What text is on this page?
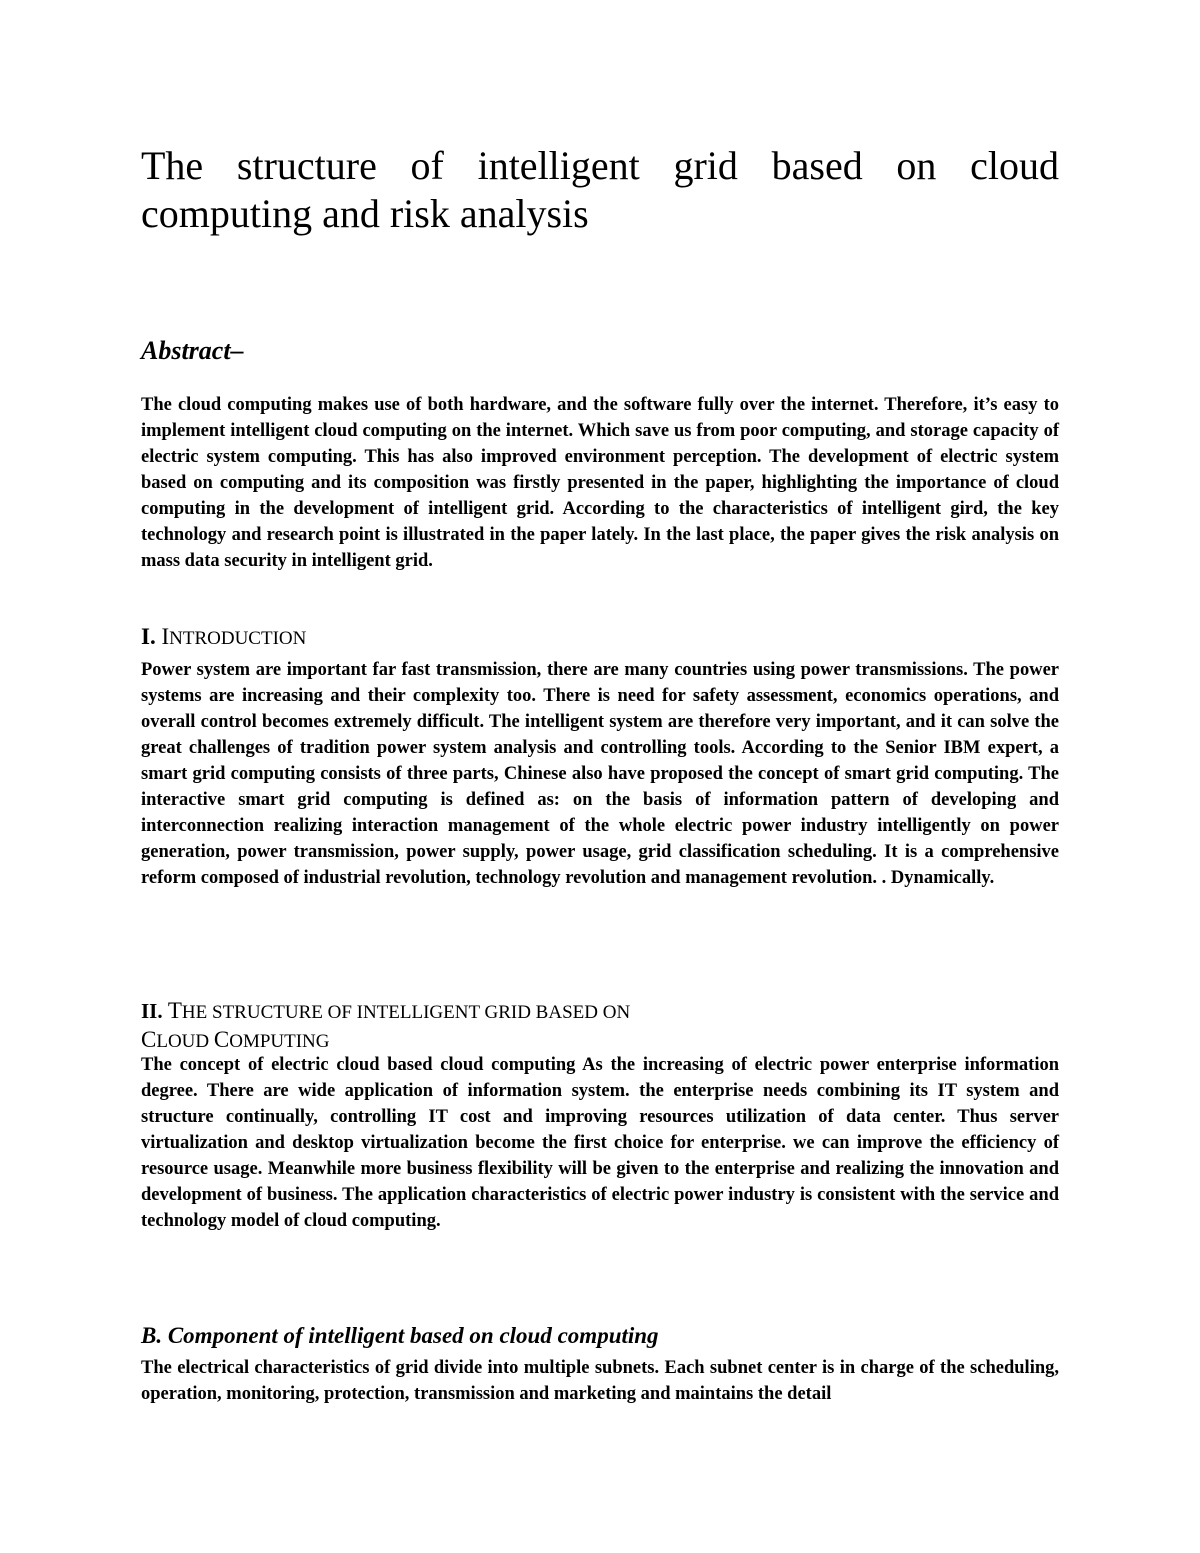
The structure of intelligent grid based on cloud computing and risk analysis
Abstract–

The cloud computing makes use of both hardware, and the software fully over the internet. Therefore, it’s easy to implement intelligent cloud computing on the internet. Which save us from poor computing, and storage capacity of electric system computing. This has also improved environment perception. The development of electric system based on computing and its composition was firstly presented in the paper, highlighting the importance of cloud computing in the development of intelligent grid. According to the characteristics of intelligent gird, the key technology and research point is illustrated in the paper lately. In the last place, the paper gives the risk analysis on mass data security in intelligent grid.

I. INTRODUCTION

Power system are important far fast transmission, there are many countries using power transmissions. The power systems are increasing and their complexity too. There is need for safety assessment, economics operations, and overall control becomes extremely difficult. The intelligent system are therefore very important, and it can solve the great challenges of tradition power system analysis and controlling tools. According to the Senior IBM expert, a smart grid computing consists of three parts, Chinese also have proposed the concept of smart grid computing. The interactive smart grid computing is defined as: on the basis of information pattern of developing and interconnection realizing interaction management of the whole electric power industry intelligently on power generation, power transmission, power supply, power usage, grid classification scheduling. It is a comprehensive reform composed of industrial revolution, technology revolution and management revolution. . Dynamically.

II. THE STRUCTURE OF INTELLIGENT GRID BASED ON
CLOUD COMPUTING

The concept of electric cloud based cloud computing As the increasing of electric power enterprise information degree. There are wide application of information system. the enterprise needs combining its IT system and structure continually, controlling IT cost and improving resources utilization of data center. Thus server virtualization and desktop virtualization become the first choice for enterprise. we can improve the efficiency of resource usage. Meanwhile more business flexibility will be given to the enterprise and realizing the innovation and development of business. The application characteristics of electric power industry is consistent with the service and technology model of cloud computing.

B. Component of intelligent based on cloud computing

The electrical characteristics of grid divide into multiple subnets. Each subnet center is in charge of the scheduling, operation, monitoring, protection, transmission and marketing and maintains the detail
